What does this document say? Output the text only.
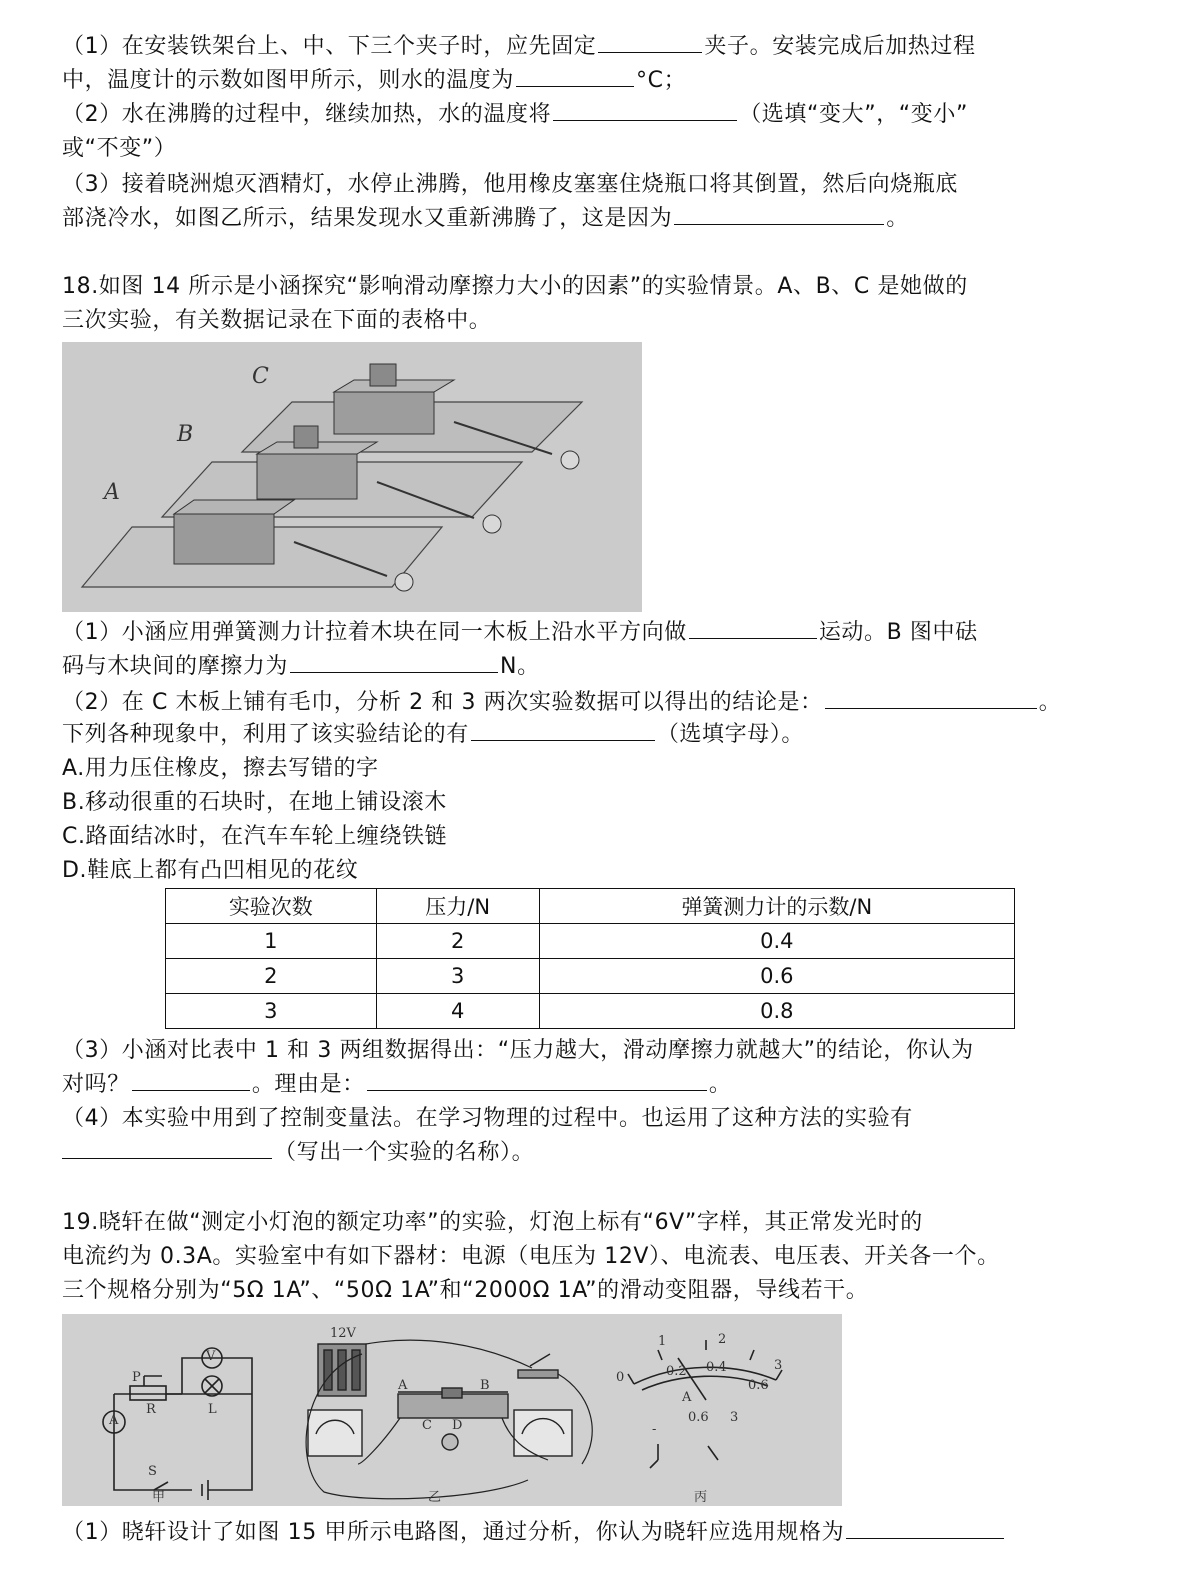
（1）在安装铁架台上、中、下三个夹子时，应先固定	夹子。安装完成后加热过程
中，温度计的示数如图甲所示，则水的温度为	°C；
（2）水在沸腾的过程中，继续加热，水的温度将	（选填“变大”，“变小”
或“不变”）
（3）接着晓洲熄灭酒精灯，水停止沸腾，他用橡皮塞塞住烧瓶口将其倒置，然后向烧瓶底
部浇冷水，如图乙所示，结果发现水又重新沸腾了，这是因为	。
18.如图 14 所示是小涵探究“影响滑动摩擦力大小的因素”的实验情景。A、B、C 是她做的
三次实验，有关数据记录在下面的表格中。
C
B
A
（1）小涵应用弹簧测力计拉着木块在同一木板上沿水平方向做	运动。B 图中砝
码与木块间的摩擦力为	N。
（2）在 C 木板上铺有毛巾，分析 2 和 3 两次实验数据可以得出的结论是：	。
下列各种现象中，利用了该实验结论的有	（选填字母）。
A.用力压住橡皮，擦去写错的字
B.移动很重的石块时，在地上铺设滚木
C.路面结冰时，在汽车车轮上缠绕铁链
D.鞋底上都有凸凹相见的花纹
实验次数	压力/N	弹簧测力计的示数/N
1	2	0.4
2	3	0.6
3	4	0.8
（3）小涵对比表中 1 和 3 两组数据得出：“压力越大，滑动摩擦力就越大”的结论，你认为
对吗？	。理由是：	。
（4）本实验中用到了控制变量法。在学习物理的过程中。也运用了这种方法的实验有
（写出一个实验的名称）。
19.晓轩在做“测定小灯泡的额定功率”的实验，灯泡上标有“6V”字样，其正常发光时的
电流约为 0.3A。实验室中有如下器材：电源（电压为 12V）、电流表、电压表、开关各一个。
三个规格分别为“5Ω 1A”、“50Ω 1A”和“2000Ω 1A”的滑动变阻器，导线若干。
甲	乙	丙
12V
P
R
V
L
A
S
A	B
C D
0
1	2
3
0.2 0.4
0.6
A
-
0.6 3
（1）晓轩设计了如图 15 甲所示电路图，通过分析，你认为晓轩应选用规格为
